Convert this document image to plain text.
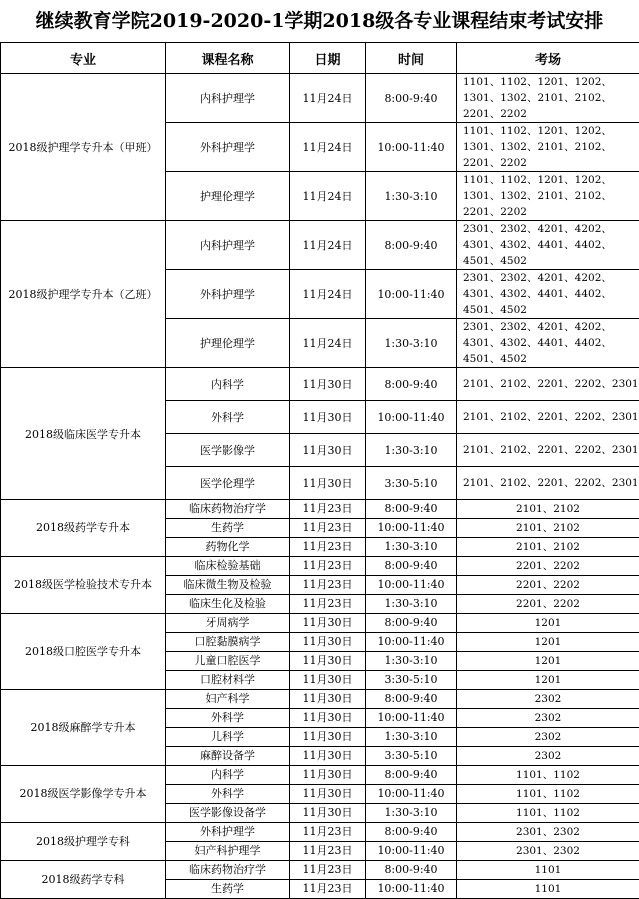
继续教育学院2019-2020-1学期2018级各专业课程结束考试安排
专业	课程名称	日期	时间	考场
2018级护理学专升本（甲班）	内科护理学	11月24日	8:00-9:40	1101、1102、1201、1202、1301、1302、2101、2102、2201、2202
	外科护理学	11月24日	10:00-11:40	1101、1102、1201、1202、1301、1302、2101、2102、2201、2202
	护理伦理学	11月24日	1:30-3:10	1101、1102、1201、1202、1301、1302、2101、2102、2201、2202
2018级护理学专升本（乙班）	内科护理学	11月24日	8:00-9:40	2301、2302、4201、4202、4301、4302、4401、4402、4501、4502
	外科护理学	11月24日	10:00-11:40	2301、2302、4201、4202、4301、4302、4401、4402、4501、4502
	护理伦理学	11月24日	1:30-3:10	2301、2302、4201、4202、4301、4302、4401、4402、4501、4502
2018级临床医学专升本	内科学	11月30日	8:00-9:40	2101、2102、2201、2202、2301
	外科学	11月30日	10:00-11:40	2101、2102、2201、2202、2301
	医学影像学	11月30日	1:30-3:10	2101、2102、2201、2202、2301
	医学伦理学	11月30日	3:30-5:10	2101、2102、2201、2202、2301
2018级药学专升本	临床药物治疗学	11月23日	8:00-9:40	2101、2102
	生药学	11月23日	10:00-11:40	2101、2102
	药物化学	11月23日	1:30-3:10	2101、2102
2018级医学检验技术专升本	临床检验基础	11月23日	8:00-9:40	2201、2202
	临床微生物及检验	11月23日	10:00-11:40	2201、2202
	临床生化及检验	11月23日	1:30-3:10	2201、2202
2018级口腔医学专升本	牙周病学	11月30日	8:00-9:40	1201
	口腔黏膜病学	11月30日	10:00-11:40	1201
	儿童口腔医学	11月30日	1:30-3:10	1201
	口腔材料学	11月30日	3:30-5:10	1201
2018级麻醉学专升本	妇产科学	11月30日	8:00-9:40	2302
	外科学	11月30日	10:00-11:40	2302
	儿科学	11月30日	1:30-3:10	2302
	麻醉设备学	11月30日	3:30-5:10	2302
2018级医学影像学专升本	内科学	11月30日	8:00-9:40	1101、1102
	外科学	11月30日	10:00-11:40	1101、1102
	医学影像设备学	11月30日	1:30-3:10	1101、1102
2018级护理学专科	外科护理学	11月23日	8:00-9:40	2301、2302
	妇产科护理学	11月23日	10:00-11:40	2301、2302
2018级药学专科	临床药物治疗学	11月23日	8:00-9:40	1101
	生药学	11月23日	10:00-11:40	1101
